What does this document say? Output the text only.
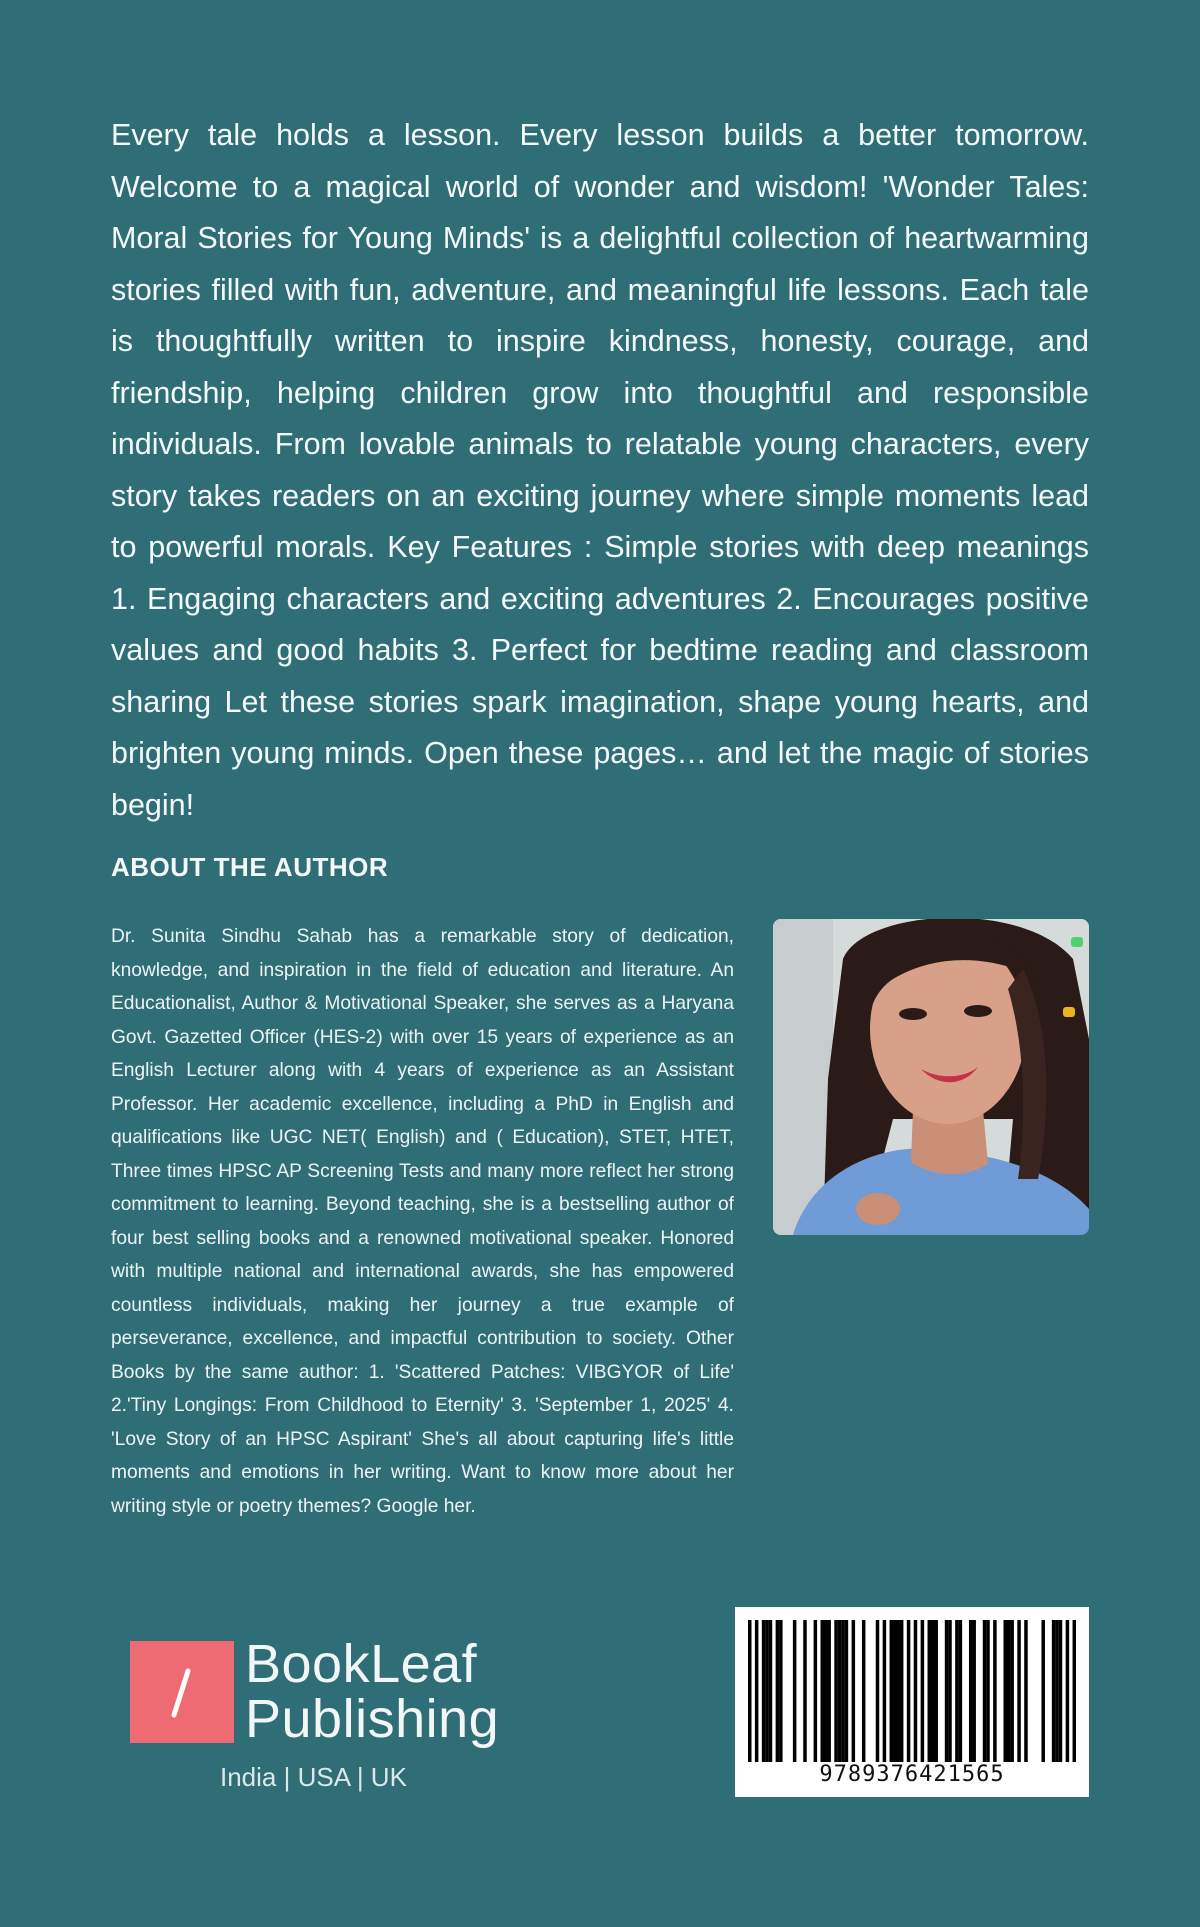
Every tale holds a lesson. Every lesson builds a better tomorrow. Welcome to a magical world of wonder and wisdom! 'Wonder Tales: Moral Stories for Young Minds' is a delightful collection of heartwarming stories filled with fun, adventure, and meaningful life lessons. Each tale is thoughtfully written to inspire kindness, honesty, courage, and friendship, helping children grow into thoughtful and responsible individuals. From lovable animals to relatable young characters, every story takes readers on an exciting journey where simple moments lead to powerful morals. Key Features : Simple stories with deep meanings 1. Engaging characters and exciting adventures 2. Encourages positive values and good habits 3. Perfect for bedtime reading and classroom sharing Let these stories spark imagination, shape young hearts, and brighten young minds. Open these pages… and let the magic of stories begin!

ABOUT THE AUTHOR

Dr. Sunita Sindhu Sahab has a remarkable story of dedication, knowledge, and inspiration in the field of education and literature. An Educationalist, Author & Motivational Speaker, she serves as a Haryana Govt. Gazetted Officer (HES-2) with over 15 years of experience as an English Lecturer along with 4 years of experience as an Assistant Professor. Her academic excellence, including a PhD in English and qualifications like UGC NET( English) and ( Education), STET, HTET, Three times HPSC AP Screening Tests and many more reflect her strong commitment to learning. Beyond teaching, she is a bestselling author of four best selling books and a renowned motivational speaker. Honored with multiple national and international awards, she has empowered countless individuals, making her journey a true example of perseverance, excellence, and impactful contribution to society. Other Books by the same author: 1. 'Scattered Patches: VIBGYOR of Life' 2.'Tiny Longings: From Childhood to Eternity' 3. 'September 1, 2025' 4. 'Love Story of an HPSC Aspirant' She's all about capturing life's little moments and emotions in her writing. Want to know more about her writing style or poetry themes? Google her.

BookLeaf
Publishing
India | USA | UK	9789376421565
